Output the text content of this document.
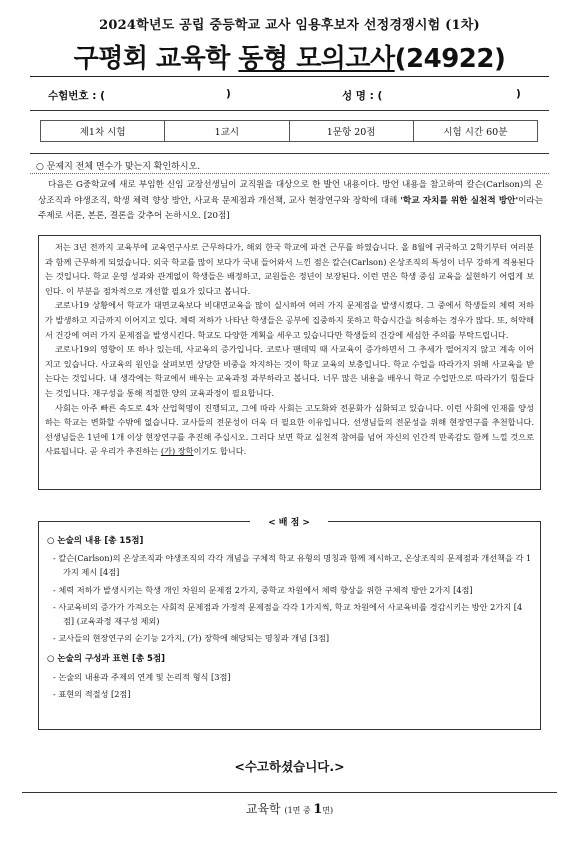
2024학년도 공립 중등학교 교사 임용후보자 선정경쟁시험 (1차)
구평회 교육학 동형 모의고사(24922)
수험번호 : (	)	성 명 : (	)
제1차 시험	1교시	1문항 20점	시험 시간 60분
○ 문제지 전체 면수가 맞는지 확인하시오.
다음은 G중학교에 새로 부임한 신임 교장선생님이 교직원을 대상으로 한 발언 내용이다. 방언 내용을 참고하여 칼슨(Carlson)의 온상조직과 야생조직, 학생 체력 향상 방안, 사교육 문제점과 개선책, 교사 현장연구와 장학에 대해 '학교 자치를 위한 실천적 방안'이라는 주제로 서론, 본론, 결론을 갖추어 논하시오. [20점]

저는 3년 전까지 교육부에 교육연구사로 근무하다가, 해외 한국 학교에 파견 근무를 하였습니다. 올 8월에 귀국하고 2학기부터 여러분과 함께 근무하게 되었습니다. 외국 학교를 많이 보다가 국내 들어와서 느낀 점은 칼슨(Carlson) 온상조직의 특성이 너무 강하게 적용된다는 것입니다. 학교 운영 성과와 관계없이 학생들은 배정하고, 교원들은 정년이 보장된다. 이런 면은 학생 중심 교육을 실현하기 어렵게 보인다. 이 부분을 점차적으로 개선할 필요가 있다고 봅니다.

코로나19 상황에서 학교가 대면교육보다 비대면교육을 많이 실시하여 여러 가지 문제점을 발생시켰다. 그 중에서 학생들의 체력 저하가 발생하고 지금까지 이어지고 있다. 체력 저하가 나타난 학생들은 공부에 집중하지 못하고 학습시간을 허송하는 경우가 많다. 또, 허약해서 건강에 여러 가지 문제점을 발생시킨다. 학교도 다양한 계획을 세우고 있습니다만 학생들의 건강에 세심한 주의를 부탁드립니다.

코로나19의 영향이 또 하나 있는데, 사교육의 증가입니다. 코로나 팬데믹 때 사교육이 증가하면서 그 추세가 떨어지지 않고 계속 이어지고 있습니다. 사교육의 원인을 살펴보면 상당한 비중을 차지하는 것이 학교 교육의 보충입니다. 학교 수업을 따라가지 위해 사교육을 받는다는 것입니다. 내 생각에는 학교에서 배우는 교육과정 과부하라고 봅니다. 너무 많은 내용을 배우니 학교 수업만으로 따라가기 힘들다는 것입니다. 재구성을 통해 적절한 양의 교육과정이 필요합니다.

사회는 아주 빠른 속도로 4차 산업혁명이 진행되고, 그에 따라 사회는 고도화와 전문화가 심화되고 있습니다. 이런 사회에 인재를 양성하는 학교는 변화할 수밖에 없습니다. 교사들의 전문성이 더욱 더 필요한 이유입니다. 선생님들의 전문성을 위해 현장연구를 추천합니다. 선생님들은 1년에 1개 이상 현장연구를 추진해 주십시오. 그러다 보면 학교 실천적 참여를 넘어 자신의 인간적 만족감도 함께 느낄 것으로 사료됩니다. 곧 우리가 추진하는 (가) 장학이기도 합니다.

○ 논술의 내용 [총 15점]
- 칼슨(Carlson)의 온상조직과 야생조직의 각각 개념을 구체적 학교 유형의 명칭과 함께 제시하고, 온상조직의 문제점과 개선책을 각 1가지 제시 [4점]
- 체력 저하가 발생시키는 학생 개인 차원의 문제점 2가지, 중학교 차원에서 체력 향상을 위한 구체적 방안 2가지 [4점]
- 사교육비의 증가가 가져오는 사회적 문제점과 가정적 문제점을 각각 1가지씩, 학교 차원에서 사교육비를 경감시키는 방안 2가지 [4점] (교육과정 재구성 제외)
- 교사들의 현장연구의 순기능 2가지, (가) 장학에 해당되는 명칭과 개념 [3점]
○ 논술의 구성과 표현 [총 5점]
- 논술의 내용과 주제의 연계 및 논리적 형식 [3점]
- 표현의 적절성 [2점]
< 배 점 >
<수고하셨습니다.>
교육학 (1면 중 1면)
